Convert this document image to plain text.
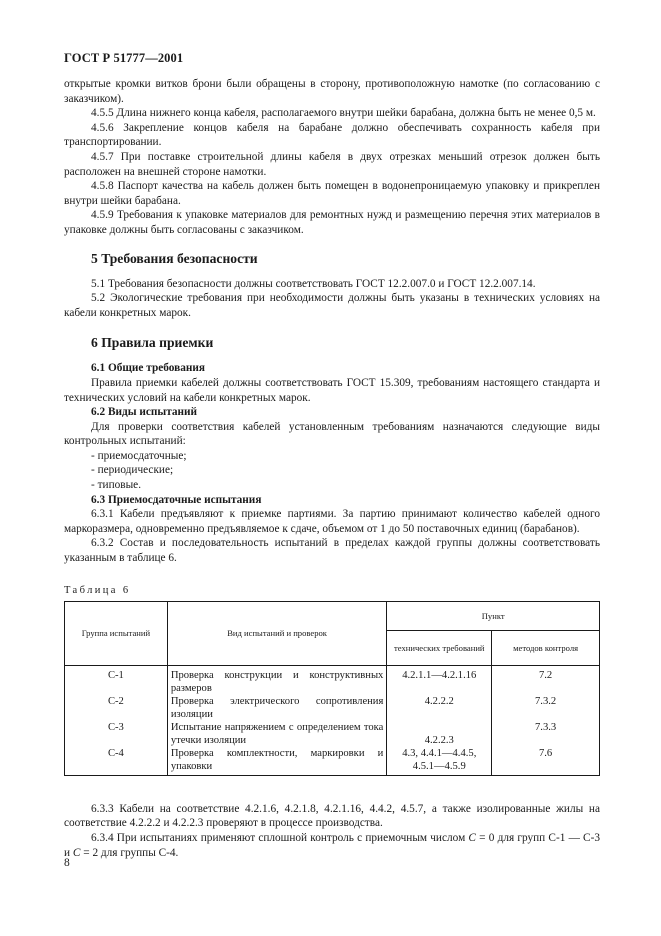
ГОСТ Р 51777—2001

открытые кромки витков брони были обращены в сторону, противоположную намотке (по согласованию с заказчиком).

4.5.5 Длина нижнего конца кабеля, располагаемого внутри шейки барабана, должна быть не менее 0,5 м.

4.5.6 Закрепление концов кабеля на барабане должно обеспечивать сохранность кабеля при транспортировании.

4.5.7 При поставке строительной длины кабеля в двух отрезках меньший отрезок должен быть расположен на внешней стороне намотки.

4.5.8 Паспорт качества на кабель должен быть помещен в водонепроницаемую упаковку и прикреплен внутри шейки барабана.

4.5.9 Требования к упаковке материалов для ремонтных нужд и размещению перечня этих материалов в упаковке должны быть согласованы с заказчиком.

5 Требования безопасности

5.1 Требования безопасности должны соответствовать ГОСТ 12.2.007.0 и ГОСТ 12.2.007.14.

5.2 Экологические требования при необходимости должны быть указаны в технических условиях на кабели конкретных марок.

6 Правила приемки
6.1 Общие требования

Правила приемки кабелей должны соответствовать ГОСТ 15.309, требованиям настоящего стандарта и технических условий на кабели конкретных марок.

6.2 Виды испытаний

Для проверки соответствия кабелей установленным требованиям назначаются следующие виды контрольных испытаний:

- приемосдаточные;
- периодические;
- типовые.
6.3 Приемосдаточные испытания

6.3.1 Кабели предъявляют к приемке партиями. За партию принимают количество кабелей одного маркоразмера, одновременно предъявляемое к сдаче, объемом от 1 до 50 поставочных единиц (барабанов).

6.3.2 Состав и последовательность испытаний в пределах каждой группы должны соответствовать указанным в таблице 6.

Таблица 6
Группа испытаний	Вид испытаний и проверок	Пункт	
		технических требований	методов контроля
С-1	Проверка конструкции и конструктивных размеров	4.2.1.1—4.2.1.16	7.2
С-2	Проверка электрического сопротивления изоляции	4.2.2.2	7.3.2
С-3	Испытание напряжением с определением тока утечки изоляции	4.2.2.3	7.3.3
С-4	Проверка комплектности, маркировки и упаковки	4.3, 4.4.1—4.4.5, 4.5.1—4.5.9	7.6

6.3.3 Кабели на соответствие 4.2.1.6, 4.2.1.8, 4.2.1.16, 4.4.2, 4.5.7, а также изолированные жилы на соответствие 4.2.2.2 и 4.2.2.3 проверяют в процессе производства.

6.3.4 При испытаниях применяют сплошной контроль с приемочным числом C = 0 для групп С-1 — С-3 и C = 2 для группы С-4.

8
